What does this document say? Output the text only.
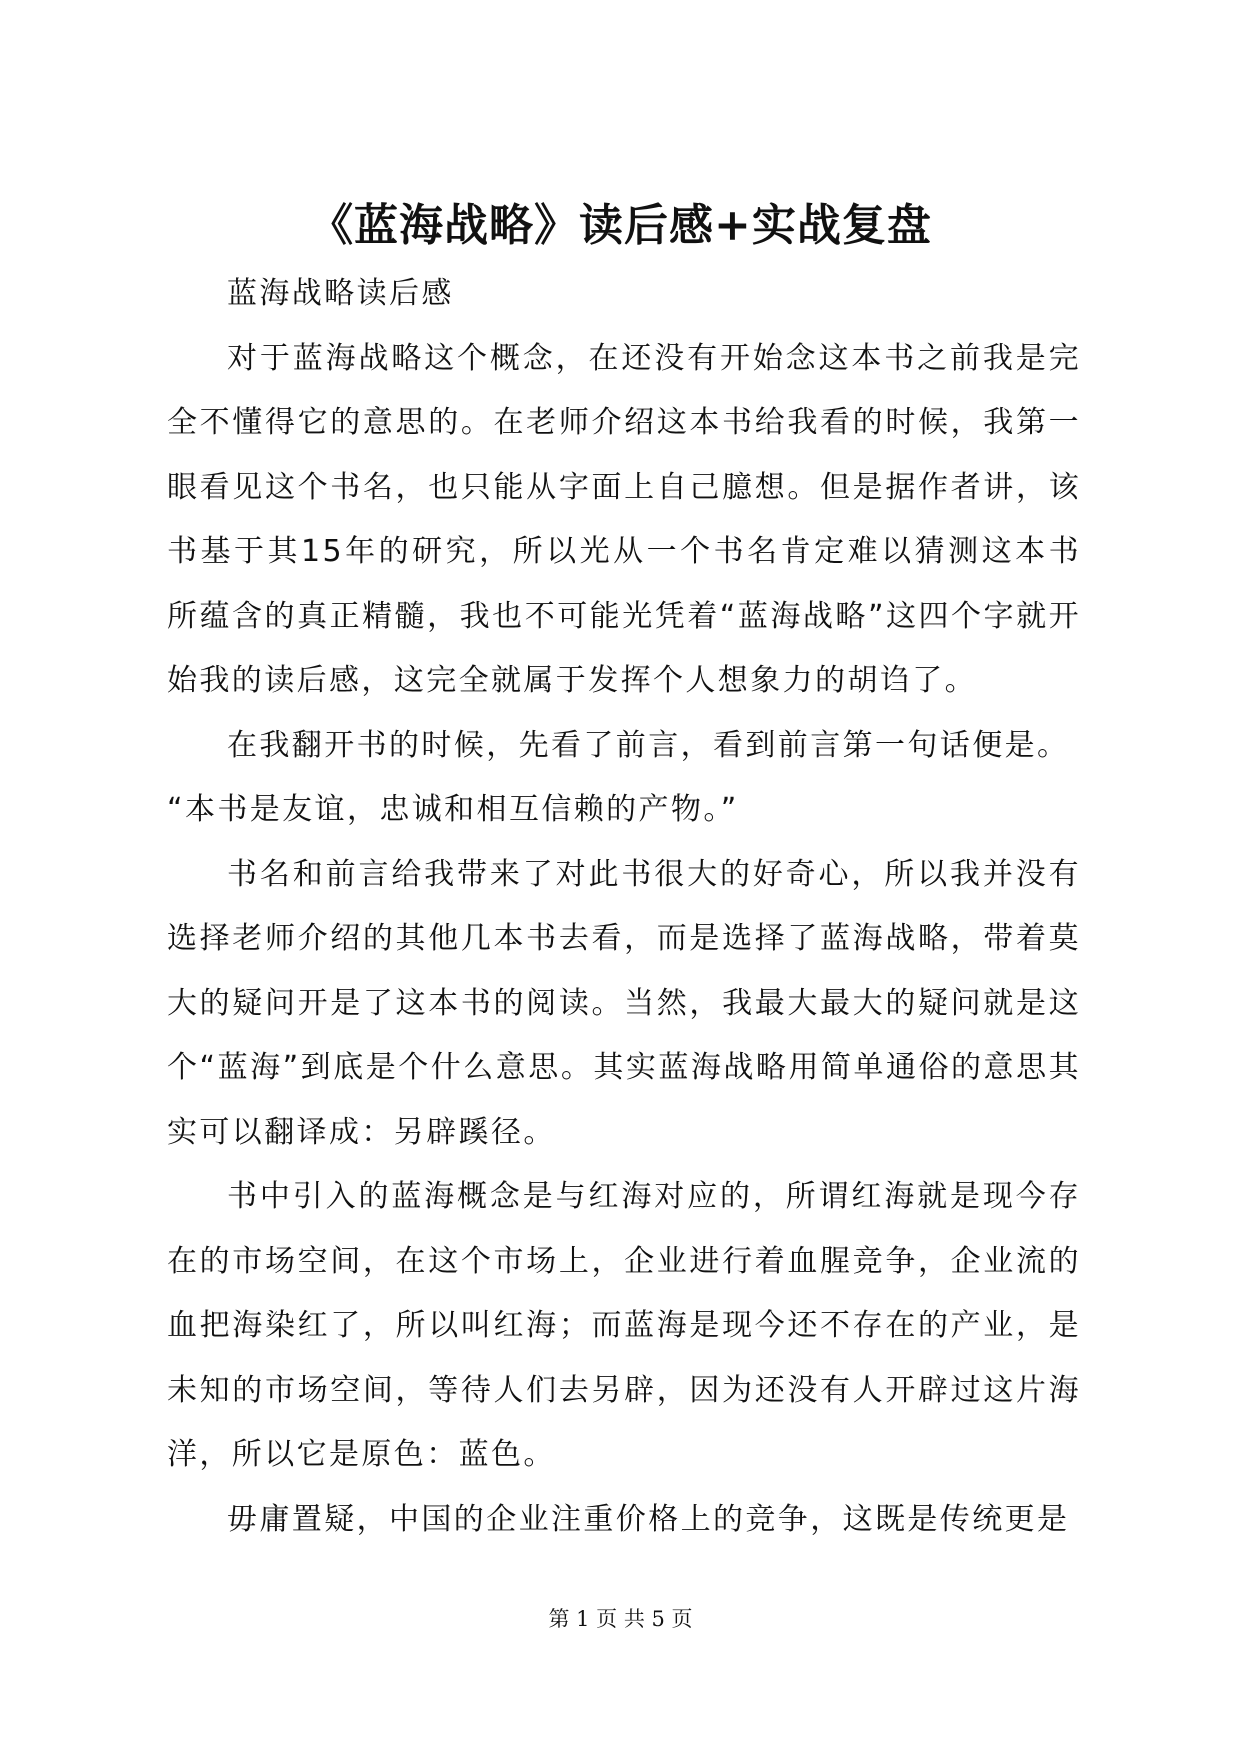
《蓝海战略》读后感+实战复盘

蓝海战略读后感

对于蓝海战略这个概念，在还没有开始念这本书之前我是完全不懂得它的意思的。在老师介绍这本书给我看的时候，我第一眼看见这个书名，也只能从字面上自己臆想。但是据作者讲，该书基于其15年的研究，所以光从一个书名肯定难以猜测这本书所蕴含的真正精髓，我也不可能光凭着“蓝海战略”这四个字就开始我的读后感，这完全就属于发挥个人想象力的胡诌了。

在我翻开书的时候，先看了前言，看到前言第一句话便是。

“本书是友谊，忠诚和相互信赖的产物。”

书名和前言给我带来了对此书很大的好奇心，所以我并没有选择老师介绍的其他几本书去看，而是选择了蓝海战略，带着莫大的疑问开是了这本书的阅读。当然，我最大最大的疑问就是这个“蓝海”到底是个什么意思。其实蓝海战略用简单通俗的意思其实可以翻译成：另辟蹊径。

书中引入的蓝海概念是与红海对应的，所谓红海就是现今存在的市场空间，在这个市场上，企业进行着血腥竞争，企业流的血把海染红了，所以叫红海；而蓝海是现今还不存在的产业，是未知的市场空间，等待人们去另辟，因为还没有人开辟过这片海洋，所以它是原色：蓝色。

毋庸置疑，中国的企业注重价格上的竞争，这既是传统更是

第 1 页 共 5 页
